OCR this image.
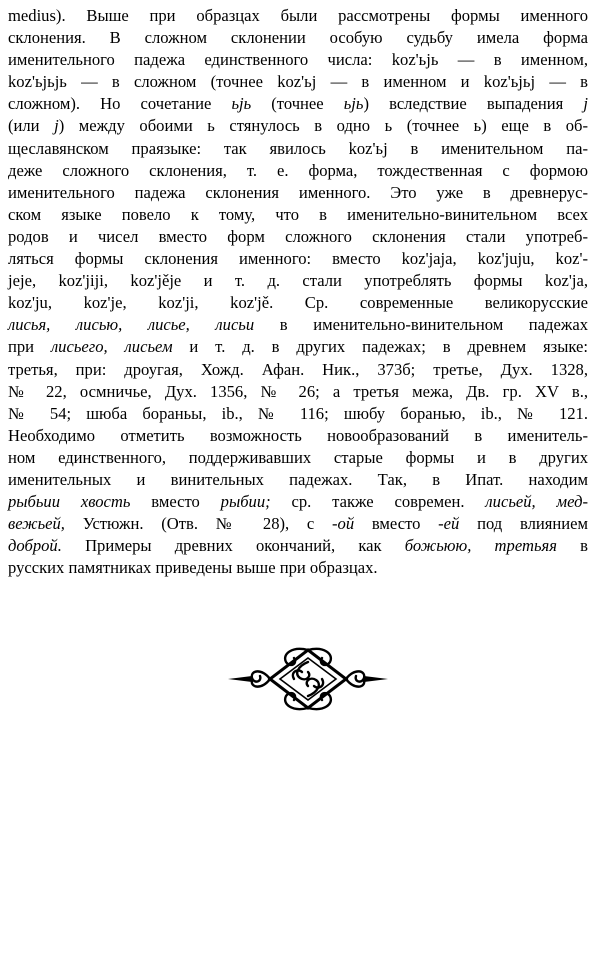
medius). Выше при образцах были рассмотрены формы именного
склонения. В сложном склонении особую судьбу имела форма
именительного падежа единственного числа: koz'ьjь — в именном,
koz'ьjьjь — в сложном (точнее koz'ьj — в именном и koz'ьjьj — в
сложном). Но сочетание ьjь (точнее ьjь) вследствие выпадения j
(или j) между обоими ь стянулось в одно ь (точнее ь) еще в об-
щеславянском праязыке: так явилось koz'ьj в именительном па-
деже сложного склонения, т. е. форма, тождественная с формою
именительного падежа склонения именного. Это уже в древнерус-
ском языке повело к тому, что в именительно-винительном всех
родов и чисел вместо форм сложного склонения стали употреб-
ляться формы склонения именного: вместо koz'jaja, koz'juju, koz'-
jeje, koz'jiji, koz'jěje и т. д. стали употреблять формы koz'ja,
koz'ju, koz'je, koz'ji, koz'jě. Ср. современные великорусские
лисья, лисью, лисье, лисьи в именительно-винительном падежах
при лисьего, лисьем и т. д. в других падежах; в древнем языке:
третья, при: дроугая, Хожд. Афан. Ник., 373б; третье, Дух. 1328,
№ 22, осмничье, Дух. 1356, № 26; а третья межа, Дв. гр. XV в.,
№ 54; шюба бораньы, ib., № 116; шюбу боранью, ib., № 121.
Необходимо отметить возможность новообразований в именитель-
ном единственного, поддерживавших старые формы и в других
именительных и винительных падежах. Так, в Ипат. находим
рыбьии хвость вместо рыбии; ср. также современ. лисьей, мед-
вежьей, Устюжн. (Отв. № 28), с -ой вместо -ей под влиянием
доброй. Примеры древних окончаний, как божьюю, третьяя в
русских памятниках приведены выше при образцах.
